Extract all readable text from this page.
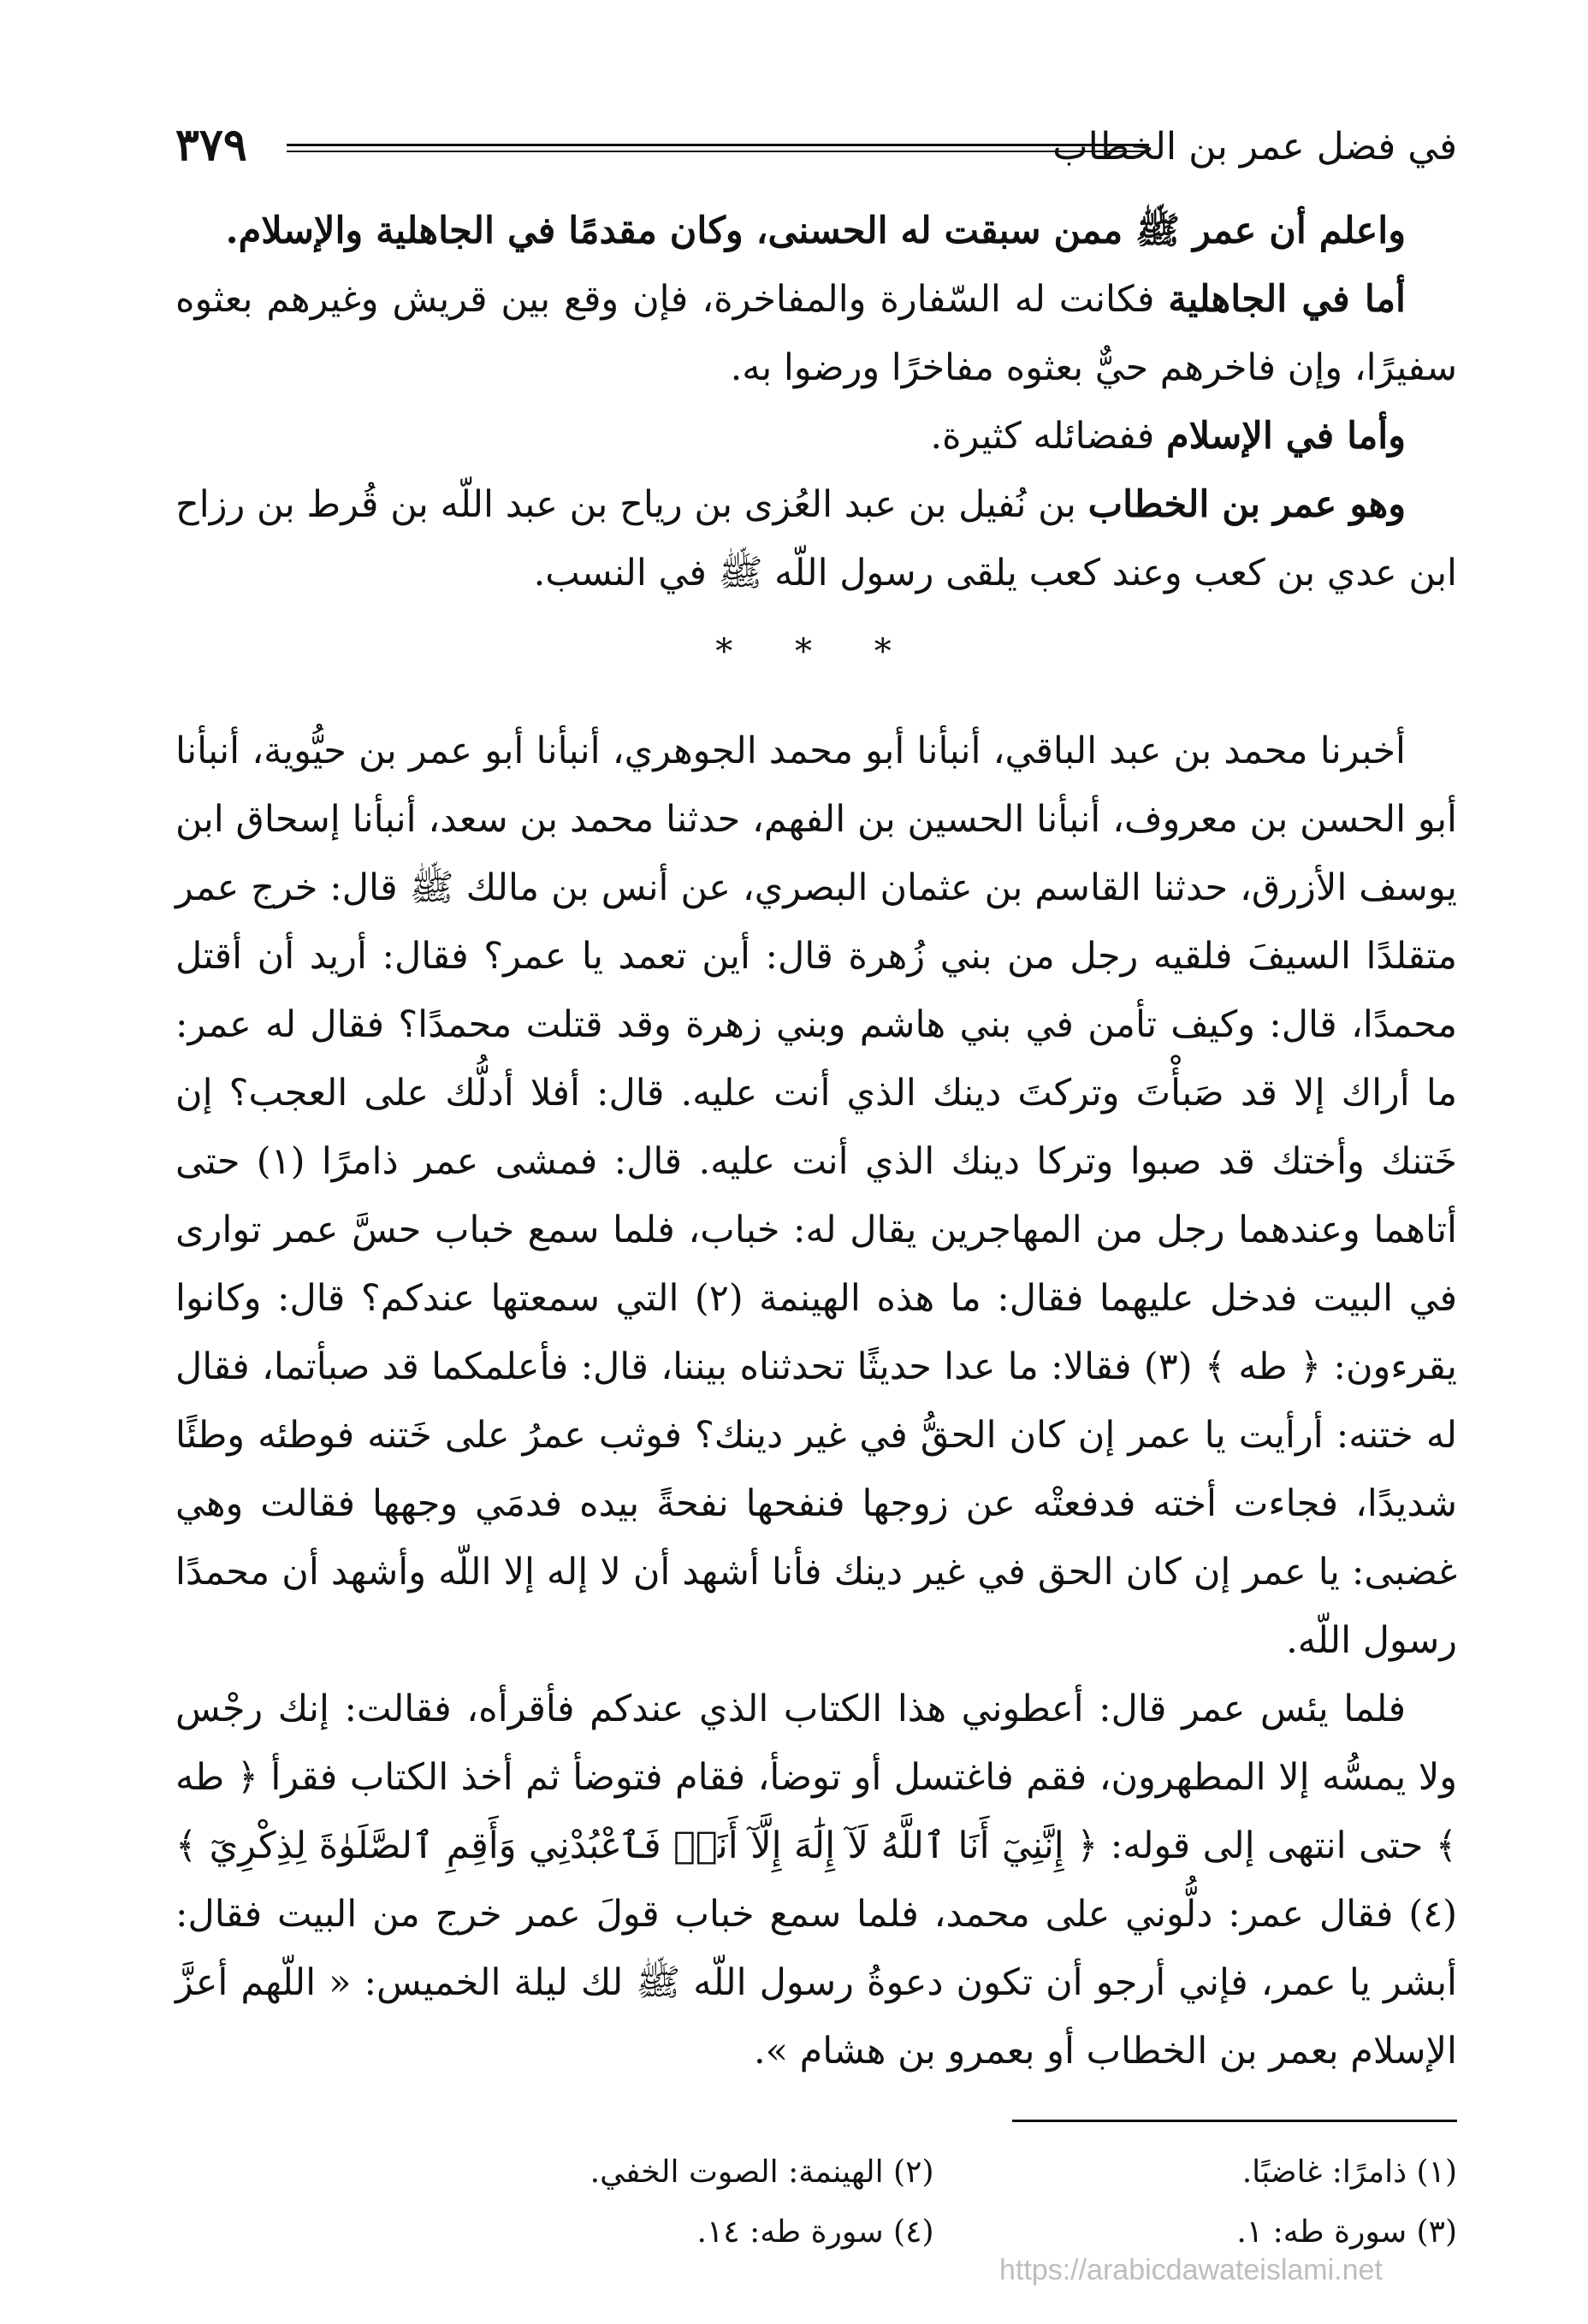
في فضل عمر بن الخطاب
٣٧٩

واعلم أن عمر ﷺ ممن سبقت له الحسنى، وكان مقدمًا في الجاهلية والإسلام.

أما في الجاهلية فكانت له السّفارة والمفاخرة، فإن وقع بين قريش وغيرهم بعثوه سفيرًا، وإن فاخرهم حيٌّ بعثوه مفاخرًا ورضوا به.

وأما في الإسلام ففضائله كثيرة.

وهو عمر بن الخطاب بن نُفيل بن عبد العُزى بن رياح بن عبد اللّه بن قُرط بن رزاح ابن عدي بن كعب وعند كعب يلقى رسول اللّه ﷺ في النسب.

* * *

أخبرنا محمد بن عبد الباقي، أنبأنا أبو محمد الجوهري، أنبأنا أبو عمر بن حيُّوية، أنبأنا أبو الحسن بن معروف، أنبأنا الحسين بن الفهم، حدثنا محمد بن سعد، أنبأنا إسحاق ابن يوسف الأزرق، حدثنا القاسم بن عثمان البصري، عن أنس بن مالك ﷺ قال: خرج عمر متقلدًا السيفَ فلقيه رجل من بني زُهرة قال: أين تعمد يا عمر؟ فقال: أريد أن أقتل محمدًا، قال: وكيف تأمن في بني هاشم وبني زهرة وقد قتلت محمدًا؟ فقال له عمر: ما أراك إلا قد صَبأْتَ وتركتَ دينك الذي أنت عليه. قال: أفلا أدلُّك على العجب؟ إن خَتنك وأختك قد صبوا وتركا دينك الذي أنت عليه. قال: فمشى عمر ذامرًا (١) حتى أتاهما وعندهما رجل من المهاجرين يقال له: خباب، فلما سمع خباب حسَّ عمر توارى في البيت فدخل عليهما فقال: ما هذه الهينمة (٢) التي سمعتها عندكم؟ قال: وكانوا يقرءون: ﴿ طه ﴾ (٣) فقالا: ما عدا حديثًا تحدثناه بيننا، قال: فأعلمكما قد صبأتما، فقال له ختنه: أرأيت يا عمر إن كان الحقُّ في غير دينك؟ فوثب عمرُ على خَتنه فوطئه وطئًا شديدًا، فجاءت أخته فدفعتْه عن زوجها فنفحها نفحةً بيده فدمَي وجهها فقالت وهي غضبى: يا عمر إن كان الحق في غير دينك فأنا أشهد أن لا إله إلا اللّه وأشهد أن محمدًا رسول اللّه.

فلما يئس عمر قال: أعطوني هذا الكتاب الذي عندكم فأقرأه، فقالت: إنك رجْس ولا يمسُّه إلا المطهرون، فقم فاغتسل أو توضأ، فقام فتوضأ ثم أخذ الكتاب فقرأ ﴿ طه ﴾ حتى انتهى إلى قوله: ﴿ إِنَّنِيٓ أَنَا ٱللَّهُ لَآ إِلَٰهَ إِلَّآ أَنَا۠ فَٱعْبُدْنِي وَأَقِمِ ٱلصَّلَوٰةَ لِذِكْرِيٓ ﴾ (٤) فقال عمر: دلُّوني على محمد، فلما سمع خباب قولَ عمر خرج من البيت فقال: أبشر يا عمر، فإني أرجو أن تكون دعوةُ رسول اللّه ﷺ لك ليلة الخميس: « اللّهم أعزَّ الإسلام بعمر بن الخطاب أو بعمرو بن هشام ».

(١) ذامرًا: غاضبًا.
(٢) الهينمة: الصوت الخفي.
(٣) سورة طه: ١.
(٤) سورة طه: ١٤.
https://arabicdawateislami.net
